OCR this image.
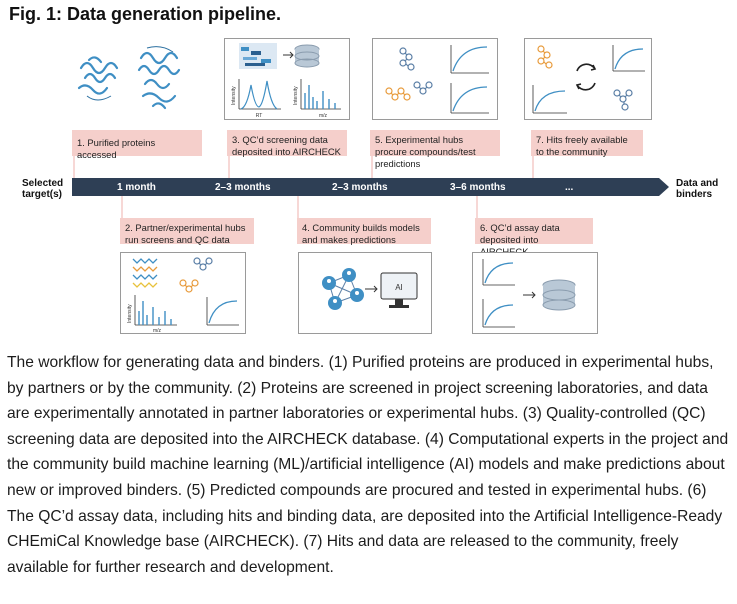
Fig. 1: Data generation pipeline.
RT
Intensity
m/z
Intensity
1. Purified proteins accessed
3. QC’d screening data deposited into AIRCHECK
5. Experimental hubs procure compounds/test predictions
7. Hits freely available to the community
Selected target(s)
Data and binders
1 month	2–3 months	2–3 months	3–6 months	...
2. Partner/experimental hubs run screens and QC data
4. Community builds models and makes predictions
6. QC’d assay data deposited into
m/z
Intensity
AI
The workflow for generating data and binders. (1) Purified proteins are produced in experimental hubs, by partners or by the community. (2) Proteins are screened in project screening laboratories, and data are experimentally annotated in partner laboratories or experimental hubs. (3) Quality-controlled (QC) screening data are deposited into the AIRCHECK database. (4) Computational experts in the project and the community build machine learning (ML)/artificial intelligence (AI) models and make predictions about new or improved binders. (5) Predicted compounds are procured and tested in experimental hubs. (6) The QC’d assay data, including hits and binding data, are deposited into the Artificial Intelligence-Ready CHEmiCal Knowledge base (AIRCHECK). (7) Hits and data are released to the community, freely available for further research and development.
